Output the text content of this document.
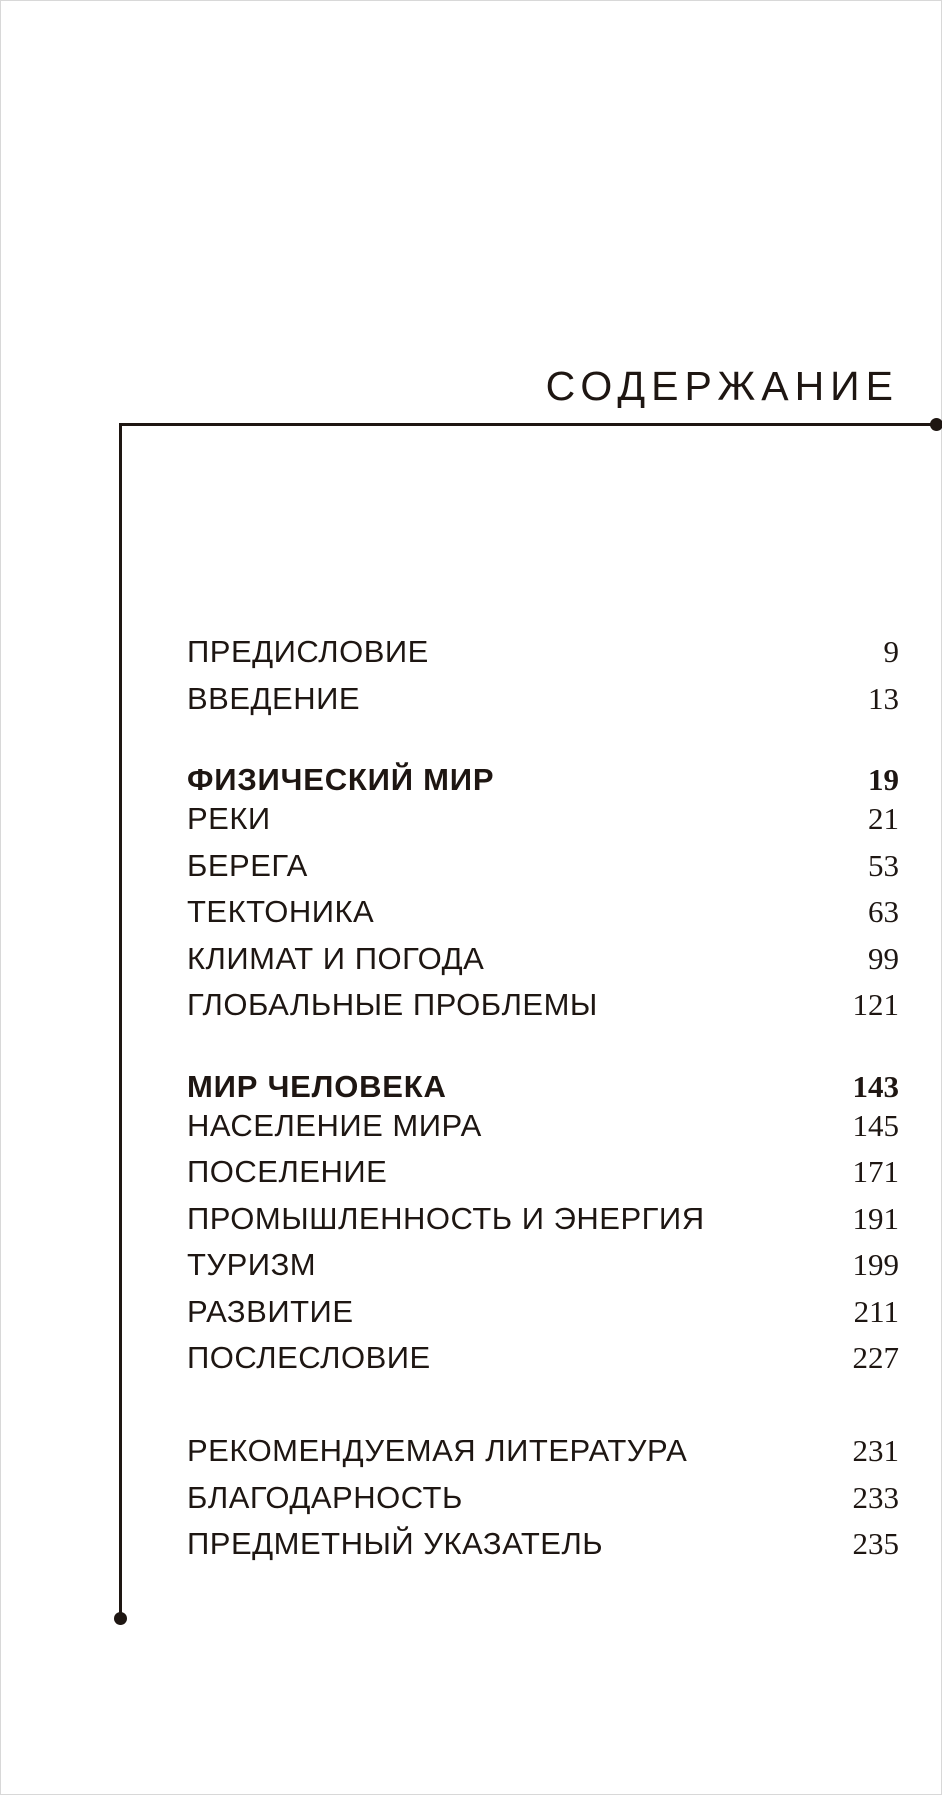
СОДЕРЖАНИЕ
ПРЕДИСЛОВИЕ	9
ВВЕДЕНИЕ	13
ФИЗИЧЕСКИЙ МИР	19
РЕКИ	21
БЕРЕГА	53
ТЕКТОНИКА	63
КЛИМАТ И ПОГОДА	99
ГЛОБАЛЬНЫЕ ПРОБЛЕМЫ	121
МИР ЧЕЛОВЕКА	143
НАСЕЛЕНИЕ МИРА	145
ПОСЕЛЕНИЕ	171
ПРОМЫШЛЕННОСТЬ И ЭНЕРГИЯ	191
ТУРИЗМ	199
РАЗВИТИЕ	211
ПОСЛЕСЛОВИЕ	227
РЕКОМЕНДУЕМАЯ ЛИТЕРАТУРА	231
БЛАГОДАРНОСТЬ	233
ПРЕДМЕТНЫЙ УКАЗАТЕЛЬ	235
